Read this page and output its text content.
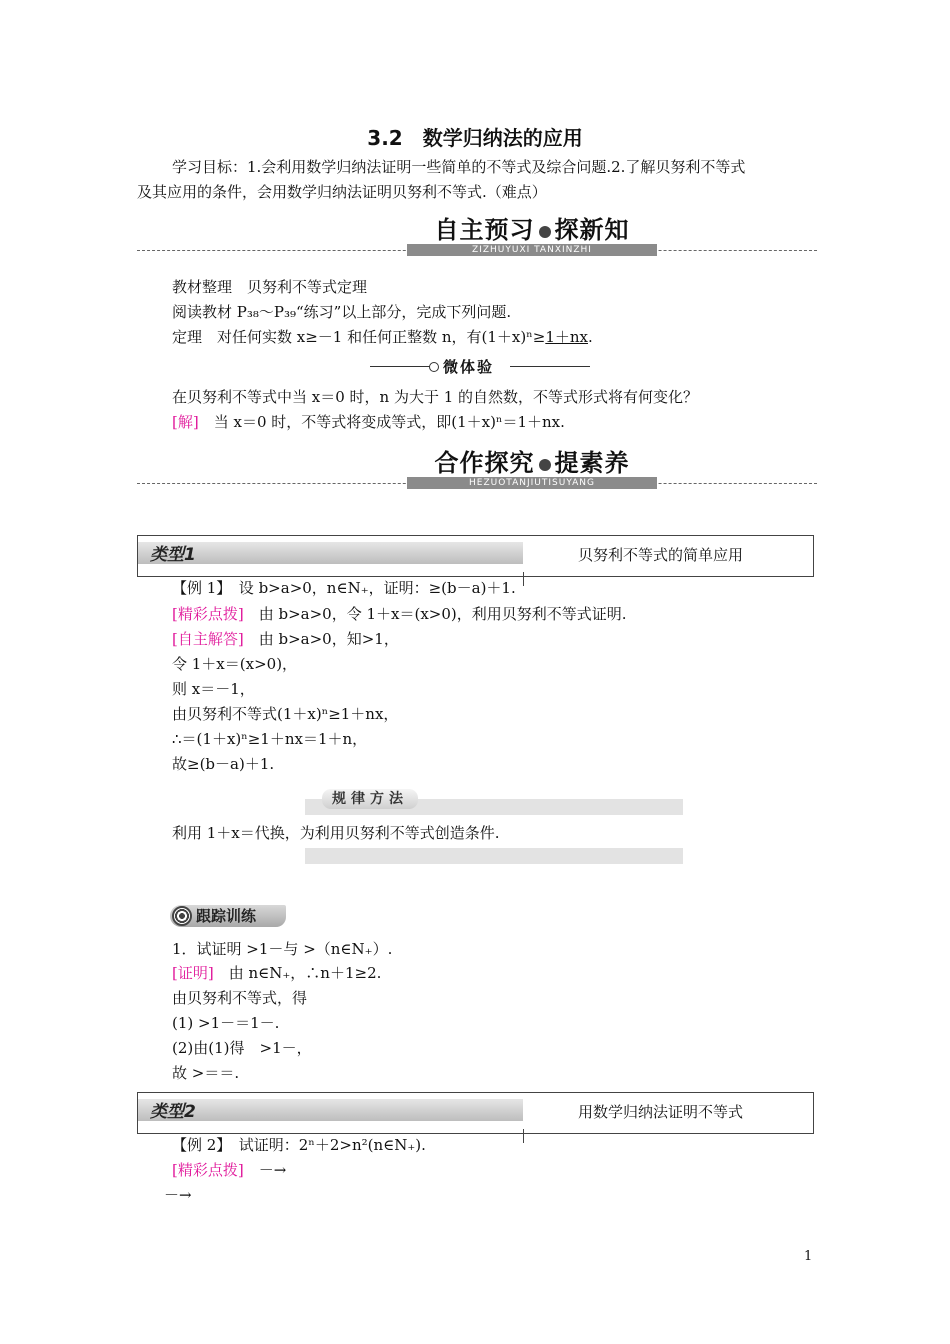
3.2　数学归纳法的应用
学习目标：1.会利用数学归纳法证明一些简单的不等式及综合问题.2.了解贝努利不等式
及其应用的条件，会用数学归纳法证明贝努利不等式.（难点）
自主预习 探新知
ZIZHUYUXI TANXINZHI
教材整理　贝努利不等式定理
阅读教材 P₃₈～P₃₉“练习”以上部分，完成下列问题.
定理　对任何实数 x≥－1 和任何正整数 n，有(1＋x)ⁿ≥1＋nx.
微体验
在贝努利不等式中当 x＝0 时，n 为大于 1 的自然数，不等式形式将有何变化？
[解]　当 x＝0 时，不等式将变成等式，即(1＋x)ⁿ＝1＋nx.
合作探究 提素养
HEZUOTANJIUTISUYANG
类型1	贝努利不等式的简单应用
【例 1】　设 b>a>0，n∈N₊，证明：≥(b－a)＋1.
[精彩点拨]　由 b>a>0，令 1＋x＝(x>0)，利用贝努利不等式证明.
[自主解答]　由 b>a>0，知>1，
令 1＋x＝(x>0)，
则 x＝－1，
由贝努利不等式(1＋x)ⁿ≥1＋nx，
∴＝(1＋x)ⁿ≥1＋nx＝1＋n，
故≥(b－a)＋1.
规律方法
利用 1＋x＝代换，为利用贝努利不等式创造条件.
跟踪训练
1．试证明 >1－与 >（n∈N₊）.
[证明]　由 n∈N₊，∴n＋1≥2.
由贝努利不等式，得
(1) >1－＝1－.
(2)由(1)得　>1－，
故 >＝＝.
类型2	用数学归纳法证明不等式
【例 2】　试证明：2ⁿ＋2>n²(n∈N₊).
[精彩点拨]　－→
－→
1
